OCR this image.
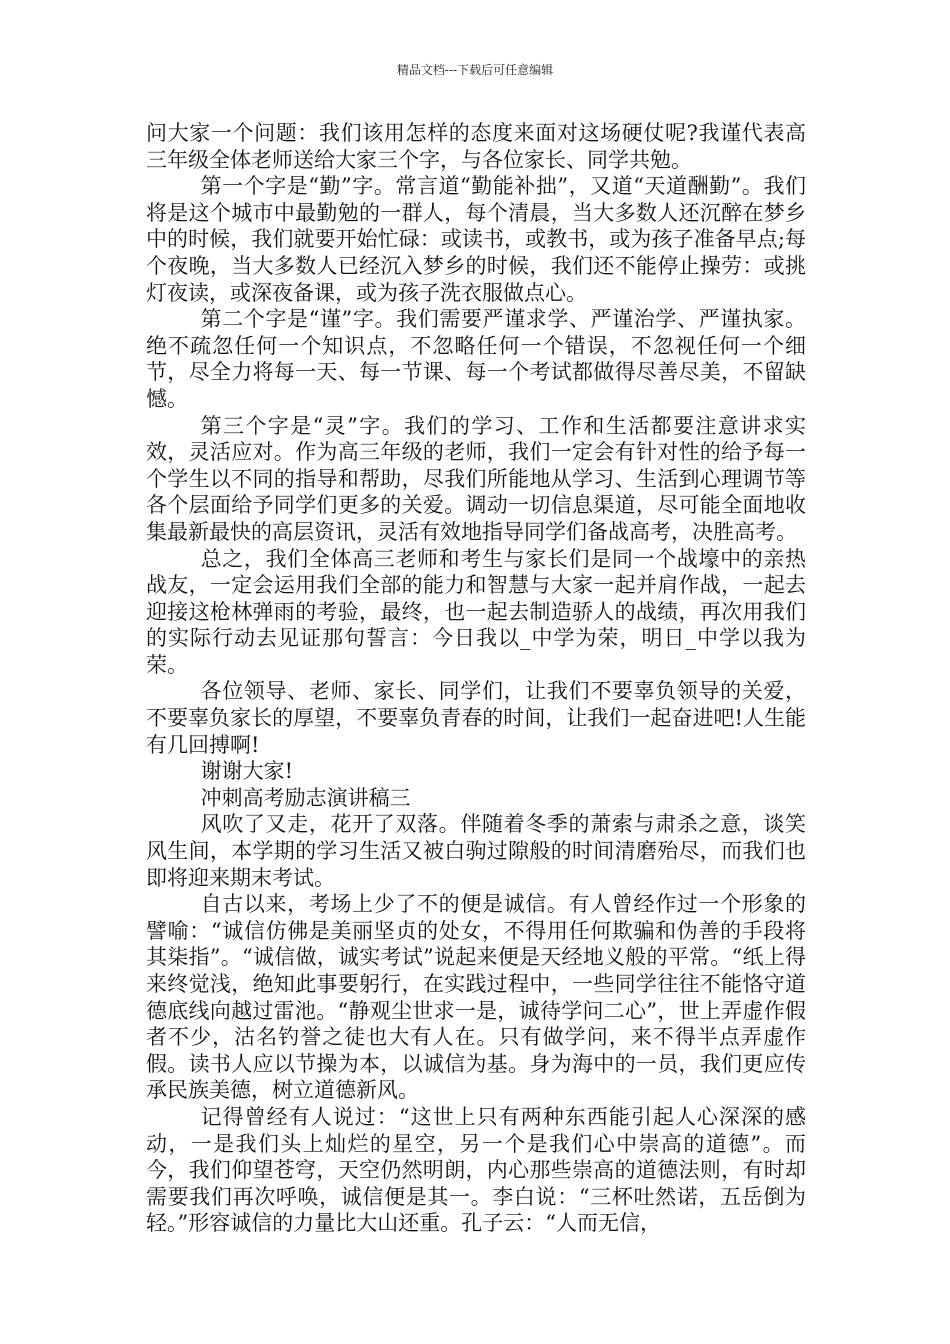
精品文档---下载后可任意编辑

问大家一个问题：我们该用怎样的态度来面对这场硬仗呢?我谨代表高三年级全体老师送给大家三个字，与各位家长、同学共勉。

第一个字是“勤”字。常言道“勤能补拙”，又道“天道酬勤”。我们将是这个城市中最勤勉的一群人，每个清晨，当大多数人还沉醉在梦乡中的时候，我们就要开始忙碌：或读书，或教书，或为孩子准备早点;每个夜晚，当大多数人已经沉入梦乡的时候，我们还不能停止操劳：或挑灯夜读，或深夜备课，或为孩子洗衣服做点心。

第二个字是“谨”字。我们需要严谨求学、严谨治学、严谨执家。绝不疏忽任何一个知识点，不忽略任何一个错误，不忽视任何一个细节，尽全力将每一天、每一节课、每一个考试都做得尽善尽美，不留缺憾。

第三个字是“灵”字。我们的学习、工作和生活都要注意讲求实效，灵活应对。作为高三年级的老师，我们一定会有针对性的给予每一个学生以不同的指导和帮助，尽我们所能地从学习、生活到心理调节等各个层面给予同学们更多的关爱。调动一切信息渠道，尽可能全面地收集最新最快的高层资讯，灵活有效地指导同学们备战高考，决胜高考。

总之，我们全体高三老师和考生与家长们是同一个战壕中的亲热战友，一定会运用我们全部的能力和智慧与大家一起并肩作战，一起去迎接这枪林弹雨的考验，最终，也一起去制造骄人的战绩，再次用我们的实际行动去见证那句誓言：今日我以_中学为荣，明日_中学以我为荣。

各位领导、老师、家长、同学们，让我们不要辜负领导的关爱，不要辜负家长的厚望，不要辜负青春的时间，让我们一起奋进吧!人生能有几回搏啊!

谢谢大家!

冲刺高考励志演讲稿三

风吹了又走，花开了双落。伴随着冬季的萧索与肃杀之意，谈笑风生间，本学期的学习生活又被白驹过隙般的时间清磨殆尽，而我们也即将迎来期末考试。

自古以来，考场上少了不的便是诚信。有人曾经作过一个形象的譬喻：“诚信仿佛是美丽坚贞的处女，不得用任何欺骗和伪善的手段将其柒指”。“诚信做，诚实考试”说起来便是天经地义般的平常。“纸上得来终觉浅，绝知此事要躬行，在实践过程中，一些同学往往不能恪守道德底线向越过雷池。“静观尘世求一是，诚待学问二心”，世上弄虚作假者不少，沽名钓誉之徒也大有人在。只有做学问，来不得半点弄虚作假。读书人应以节操为本，以诚信为基。身为海中的一员，我们更应传承民族美德，树立道德新风。

记得曾经有人说过：“这世上只有两种东西能引起人心深深的感动，一是我们头上灿烂的星空，另一个是我们心中崇高的道德”。而今，我们仰望苍穹，天空仍然明朗，内心那些崇高的道德法则，有时却需要我们再次呼唤，诚信便是其一。李白说：“三杯吐然诺，五岳倒为轻。”形容诚信的力量比大山还重。孔子云：“人而无信，
